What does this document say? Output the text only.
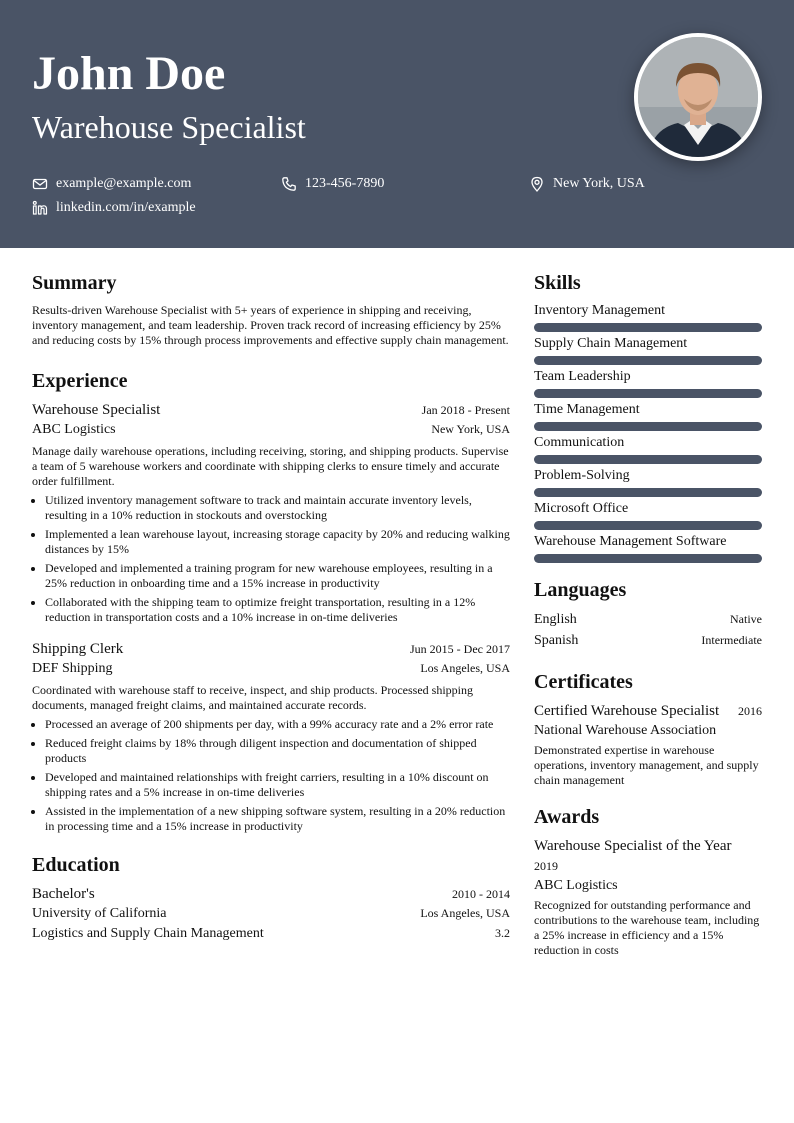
John Doe
Warehouse Specialist
example@example.com	123-456-7890	New York, USA
linkedin.com/in/example
Summary

Results-driven Warehouse Specialist with 5+ years of experience in shipping and receiving, inventory management, and team leadership. Proven track record of increasing efficiency by 25% and reducing costs by 15% through process improvements and effective supply chain management.

Experience
Warehouse Specialist	Jan 2018 - Present
ABC Logistics	New York, USA

Manage daily warehouse operations, including receiving, storing, and shipping products. Supervise a team of 5 warehouse workers and coordinate with shipping clerks to ensure timely and accurate order fulfillment.

• Utilized inventory management software to track and maintain accurate inventory levels, resulting in a 10% reduction in stockouts and overstocking
• Implemented a lean warehouse layout, increasing storage capacity by 20% and reducing walking distances by 15%
• Developed and implemented a training program for new warehouse employees, resulting in a 25% reduction in onboarding time and a 15% increase in productivity
• Collaborated with the shipping team to optimize freight transportation, resulting in a 12% reduction in transportation costs and a 10% increase in on-time deliveries
Shipping Clerk	Jun 2015 - Dec 2017
DEF Shipping	Los Angeles, USA

Coordinated with warehouse staff to receive, inspect, and ship products. Processed shipping documents, managed freight claims, and maintained accurate records.

• Processed an average of 200 shipments per day, with a 99% accuracy rate and a 2% error rate
• Reduced freight claims by 18% through diligent inspection and documentation of shipped products
• Developed and maintained relationships with freight carriers, resulting in a 10% discount on shipping rates and a 5% increase in on-time deliveries
• Assisted in the implementation of a new shipping software system, resulting in a 20% reduction in processing time and a 15% increase in productivity
Education
Bachelor's	2010 - 2014
University of California	Los Angeles, USA
Logistics and Supply Chain Management	3.2
Skills
Inventory Management
Supply Chain Management
Team Leadership
Time Management
Communication
Problem-Solving
Microsoft Office
Warehouse Management Software
Languages
English	Native
Spanish	Intermediate
Certificates
Certified Warehouse Specialist 2016
National Warehouse Association

Demonstrated expertise in warehouse operations, inventory management, and supply chain management

Awards
Warehouse Specialist of the Year
2019
ABC Logistics

Recognized for outstanding performance and contributions to the warehouse team, including a 25% increase in efficiency and a 15% reduction in costs
